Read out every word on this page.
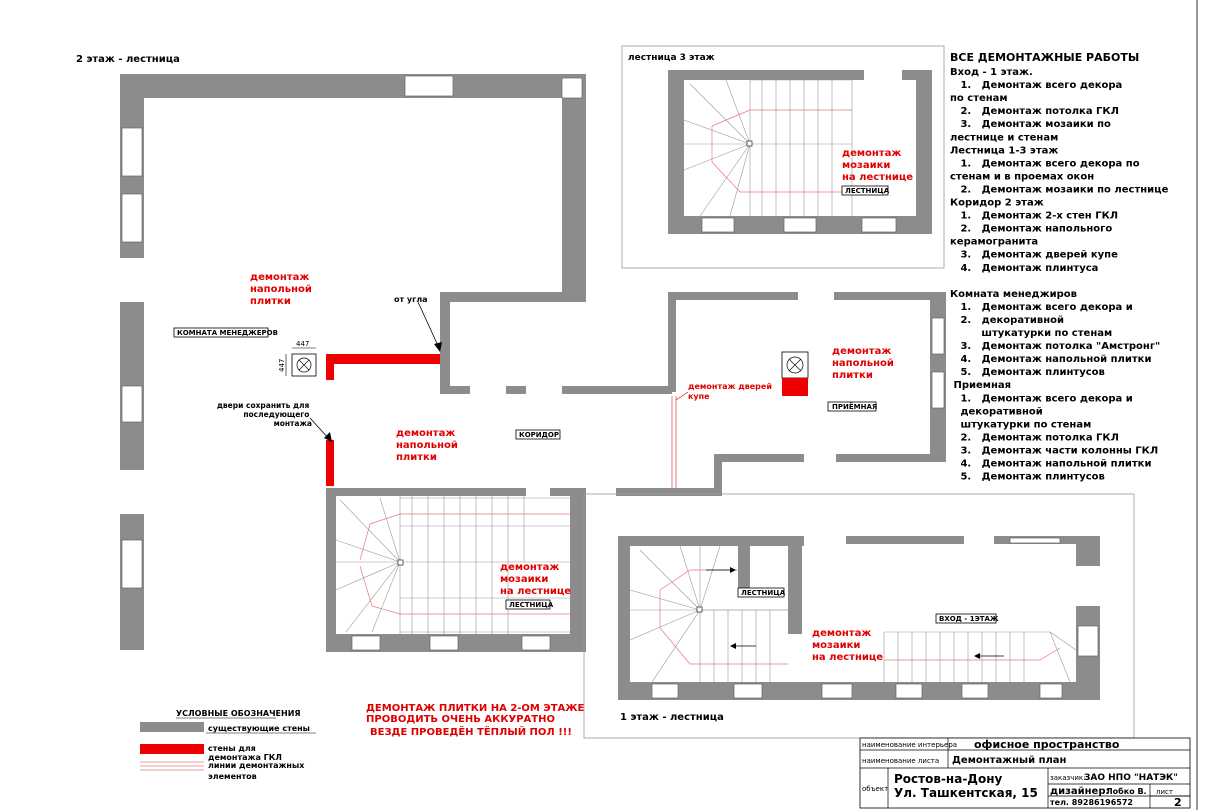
2 этаж - лестница
447
447
ЛЕСТНИЦА
КОМНАТА МЕНЕДЖЕРОВ
КОРИДОР
демонтаж напольной плитки
демонтаж напольной плитки
демонтаж мозаики на лестнице
демонтаж дверей купе
от угла
двери сохранить для последующего монтажа
ПРИЁМНАЯ
демонтаж напольной плитки
лестница 3 этаж
ЛЕСТНИЦА
демонтаж мозаики на лестнице
1 этаж - лестница
ЛЕСТНИЦА
ВХОД - 1ЭТАЖ
демонтаж мозаики на лестнице
ВСЕ ДЕМОНТАЖНЫЕ РАБОТЫ
Вход - 1 этаж.   1.   Демонтаж всего декора по стенам   2.   Демонтаж потолка ГКЛ   3.   Демонтаж мозаики по лестнице и стенам Лестница 1-3 этаж   1.   Демонтаж всего декора по стенам и в проемах окон   2.   Демонтаж мозаики по лестнице Коридор 2 этаж   1.   Демонтаж 2-х стен ГКЛ   2.   Демонтаж напольного керамогранита   3.   Демонтаж дверей купе   4.   Демонтаж плинтуса Комната менеджиров   1.   Демонтаж всего декора и   2.   декоративной         штукатурки по стенам   3.   Демонтаж потолка "Амстронг"   4.   Демонтаж напольной плитки   5.   Демонтаж плинтусов Приемная   1.   Демонтаж всего декора и   декоративной   штукатурки по стенам   2.   Демонтаж потолка ГКЛ   3.   Демонтаж части колонны ГКЛ   4.   Демонтаж напольной плитки   5.   Демонтаж плинтусов
УСЛОВНЫЕ ОБОЗНАЧЕНИЯ
существующие стены
стены для демонтажа ГКЛ
линии демонтажных элементов
ДЕМОНТАЖ ПЛИТКИ НА 2-ОМ ЭТАЖЕ ПРОВОДИТЬ ОЧЕНЬ АККУРАТНО ВЕЗДЕ ПРОВЕДЁН ТЁПЛЫЙ ПОЛ !!!
наименование интерьера офисное пространство
наименование листа Демонтажный план
объект
Ростов-на-Дону
Ул. Ташкентская, 15
заказчик:
ЗАО НПО "НАТЭК"
дизайнер:
Лобко В.
тел. 89286196572
лист
2
